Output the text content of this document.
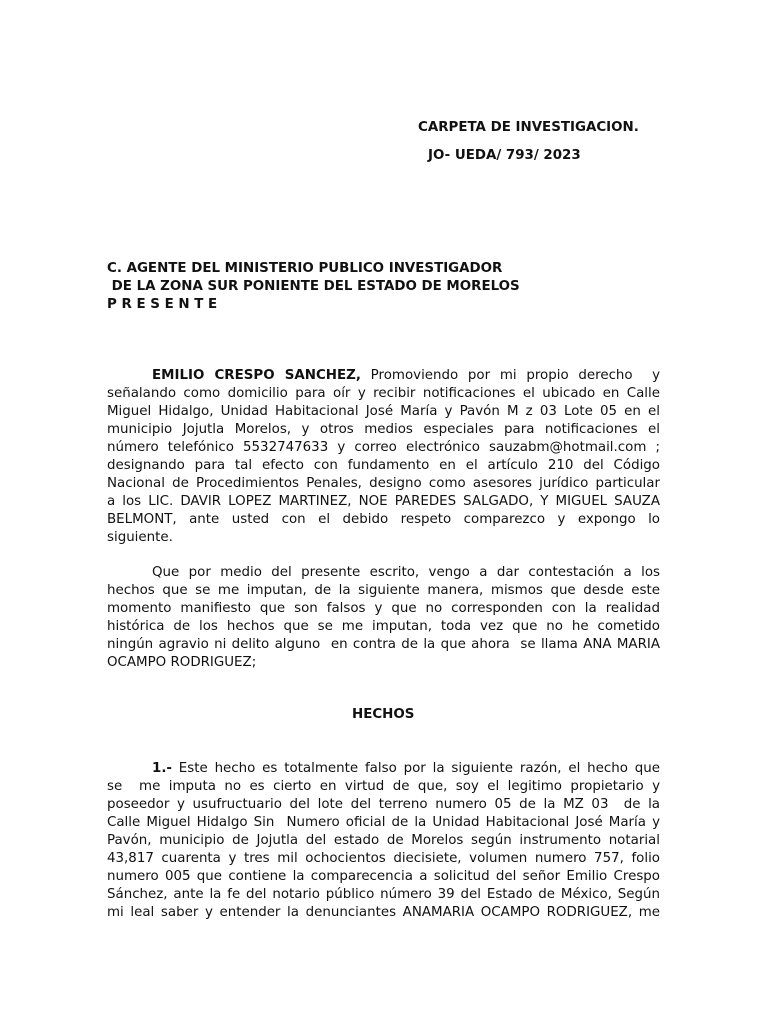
CARPETA DE INVESTIGACION.
JO- UEDA/ 793/ 2023
C. AGENTE DEL MINISTERIO PUBLICO INVESTIGADOR
DE LA ZONA SUR PONIENTE DEL ESTADO DE MORELOS
P R E S E N T E
EMILIO CRESPO SANCHEZ, Promoviendo por mi propio derecho  y
señalando como domicilio para oír y recibir notificaciones el ubicado en Calle
Miguel Hidalgo, Unidad Habitacional José María y Pavón M z 03 Lote 05 en el
municipio Jojutla Morelos, y otros medios especiales para notificaciones el
número telefónico 5532747633 y correo electrónico sauzabm@hotmail.com ;
designando para tal efecto con fundamento en el artículo 210 del Código
Nacional de Procedimientos Penales, designo como asesores jurídico particular
a los LIC. DAVIR LOPEZ MARTINEZ, NOE PAREDES SALGADO, Y MIGUEL SAUZA
BELMONT, ante usted con el debido respeto comparezco y expongo lo
siguiente.
Que por medio del presente escrito, vengo a dar contestación a los
hechos que se me imputan, de la siguiente manera, mismos que desde este
momento manifiesto que son falsos y que no corresponden con la realidad
histórica de los hechos que se me imputan, toda vez que no he cometido
ningún agravio ni delito alguno  en contra de la que ahora  se llama ANA MARIA
OCAMPO RODRIGUEZ;
HECHOS
1.- Este hecho es totalmente falso por la siguiente razón, el hecho que
se  me imputa no es cierto en virtud de que, soy el legitimo propietario y
poseedor y usufructuario del lote del terreno numero 05 de la MZ 03  de la
Calle Miguel Hidalgo Sin  Numero oficial de la Unidad Habitacional José María y
Pavón, municipio de Jojutla del estado de Morelos según instrumento notarial
43,817 cuarenta y tres mil ochocientos diecisiete, volumen numero 757, folio
numero 005 que contiene la comparecencia a solicitud del señor Emilio Crespo
Sánchez, ante la fe del notario público número 39 del Estado de México, Según
mi leal saber y entender la denunciantes ANAMARIA OCAMPO RODRIGUEZ, me
